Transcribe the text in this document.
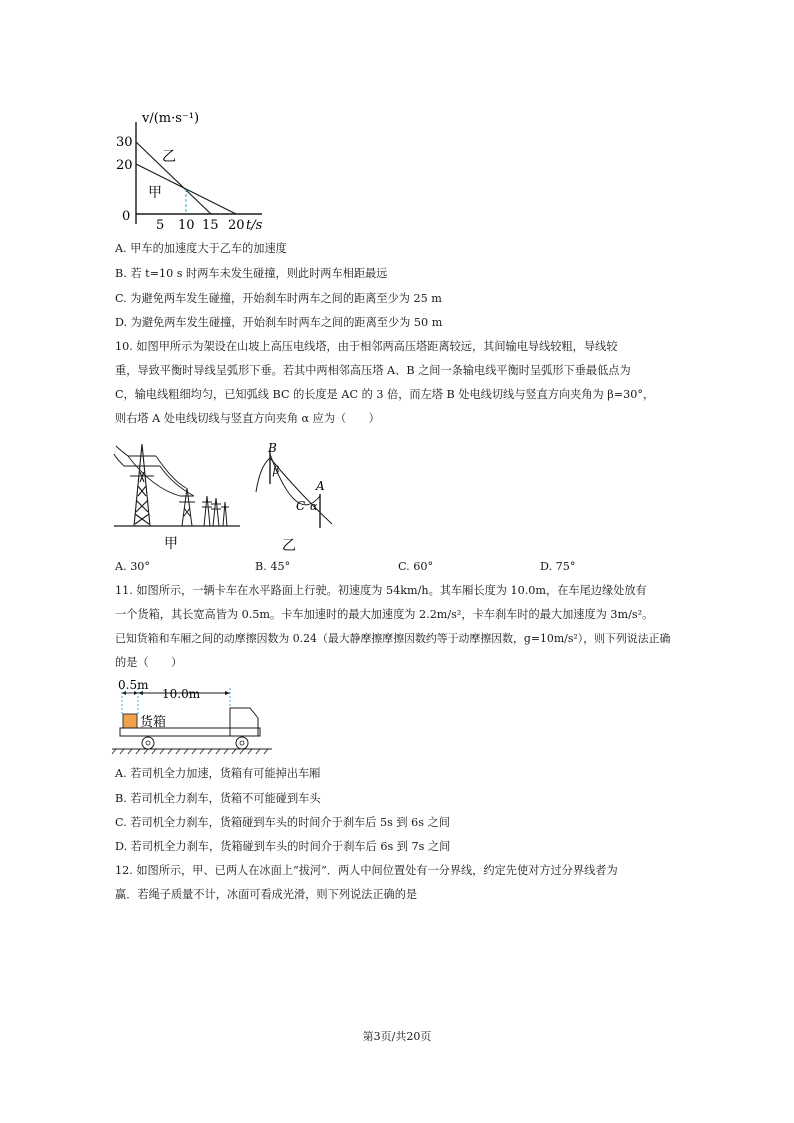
v/(m·s⁻¹)
30
20
0
5 10 15 20 t/s
乙
甲
A. 甲车的加速度大于乙车的加速度
B. 若 t=10 s 时两车未发生碰撞，则此时两车相距最远
C. 为避免两车发生碰撞，开始刹车时两车之间的距离至少为 25 m
D. 为避免两车发生碰撞，开始刹车时两车之间的距离至少为 50 m
10. 如图甲所示为架设在山坡上高压电线塔，由于相邻两高压塔距离较远，其间输电导线较粗，导线较
重，导致平衡时导线呈弧形下垂。若其中两相邻高压塔 A、B 之间一条输电线平衡时呈弧形下垂最低点为
C，输电线粗细均匀，已知弧线 BC 的长度是 AC 的 3 倍，而左塔 B 处电线切线与竖直方向夹角为 β=30°，
则右塔 A 处电线切线与竖直方向夹角 α 应为（　　）
甲
B
A
C
β
α
乙
A. 30°	B. 45°	C. 60°	D. 75°
11. 如图所示，一辆卡车在水平路面上行驶。初速度为 54km/h。其车厢长度为 10.0m，在车尾边缘处放有
一个货箱，其长宽高皆为 0.5m。卡车加速时的最大加速度为 2.2m/s²，卡车刹车时的最大加速度为 3m/s²。
已知货箱和车厢之间的动摩擦因数为 0.24（最大静摩擦摩擦因数约等于动摩擦因数，g=10m/s²），则下列说法正确
的是（　　）
0.5m
10.0m
货箱
A. 若司机全力加速，货箱有可能掉出车厢
B. 若司机全力刹车，货箱不可能碰到车头
C. 若司机全力刹车，货箱碰到车头的时间介于刹车后 5s 到 6s 之间
D. 若司机全力刹车，货箱碰到车头的时间介于刹车后 6s 到 7s 之间
12. 如图所示，甲、已两人在冰面上“拔河”．两人中间位置处有一分界线，约定先使对方过分界线者为
赢．若绳子质量不计，冰面可看成光滑，则下列说法正确的是
第3页/共20页
